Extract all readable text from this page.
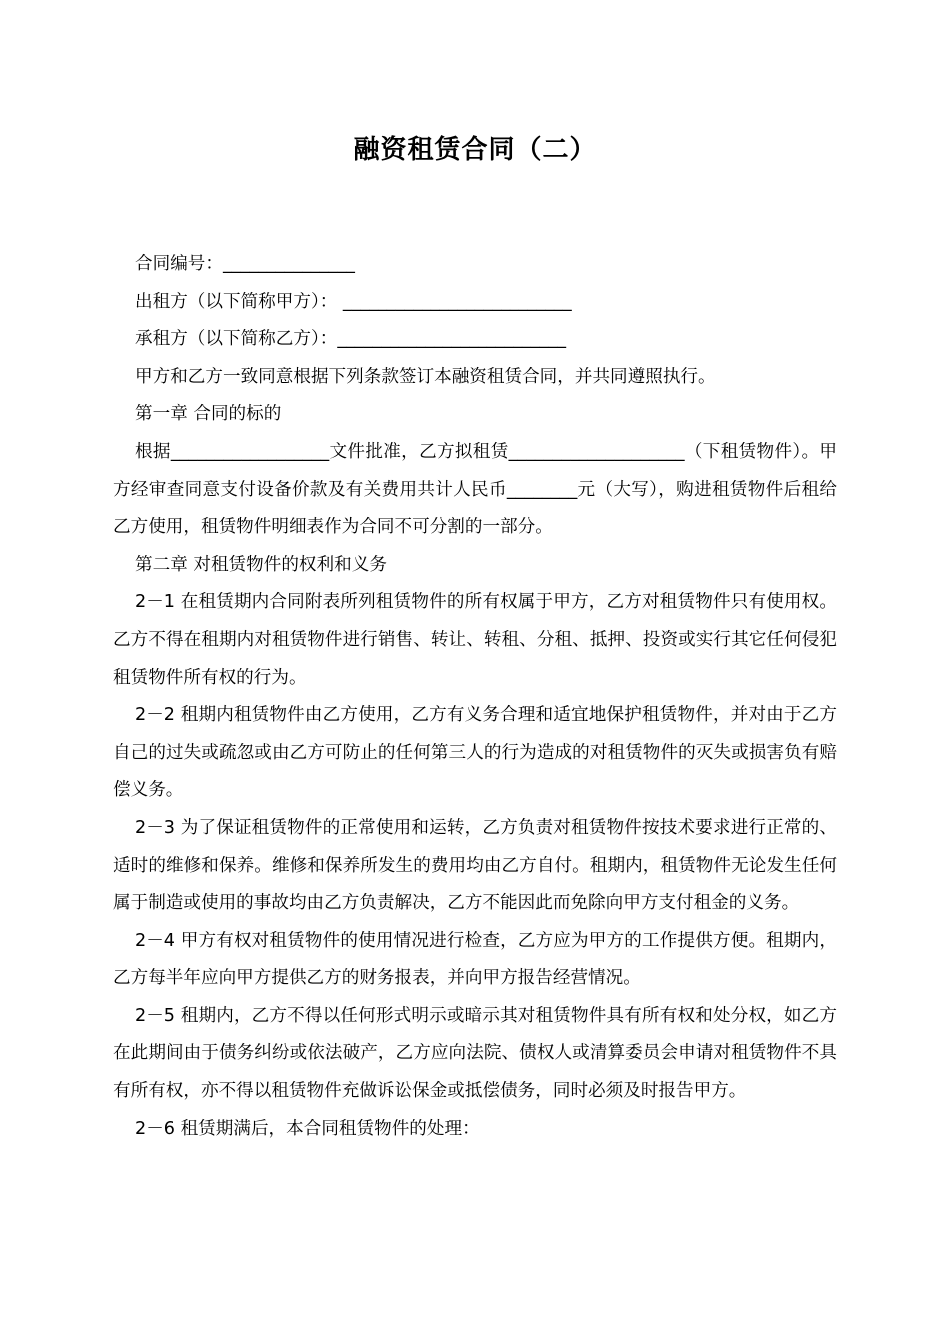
融资租赁合同（二）
合同编号：_______________
出租方（以下简称甲方）： __________________________
承租方（以下简称乙方）：__________________________

甲方和乙方一致同意根据下列条款签订本融资租赁合同，并共同遵照执行。

第一章 合同的标的

根据__________________文件批准，乙方拟租赁____________________（下租赁物件）。甲方经审查同意支付设备价款及有关费用共计人民币________元（大写），购进租赁物件后租给乙方使用，租赁物件明细表作为合同不可分割的一部分。

第二章 对租赁物件的权利和义务

2－1 在租赁期内合同附表所列租赁物件的所有权属于甲方，乙方对租赁物件只有使用权。乙方不得在租期内对租赁物件进行销售、转让、转租、分租、抵押、投资或实行其它任何侵犯租赁物件所有权的行为。

2－2 租期内租赁物件由乙方使用，乙方有义务合理和适宜地保护租赁物件，并对由于乙方自己的过失或疏忽或由乙方可防止的任何第三人的行为造成的对租赁物件的灭失或损害负有赔偿义务。

2－3 为了保证租赁物件的正常使用和运转，乙方负责对租赁物件按技术要求进行正常的、适时的维修和保养。维修和保养所发生的费用均由乙方自付。租期内，租赁物件无论发生任何属于制造或使用的事故均由乙方负责解决，乙方不能因此而免除向甲方支付租金的义务。

2－4 甲方有权对租赁物件的使用情况进行检查，乙方应为甲方的工作提供方便。租期内，乙方每半年应向甲方提供乙方的财务报表，并向甲方报告经营情况。

2－5 租期内，乙方不得以任何形式明示或暗示其对租赁物件具有所有权和处分权，如乙方在此期间由于债务纠纷或依法破产，乙方应向法院、债权人或清算委员会申请对租赁物件不具有所有权，亦不得以租赁物件充做诉讼保金或抵偿债务，同时必须及时报告甲方。

2－6 租赁期满后，本合同租赁物件的处理：
